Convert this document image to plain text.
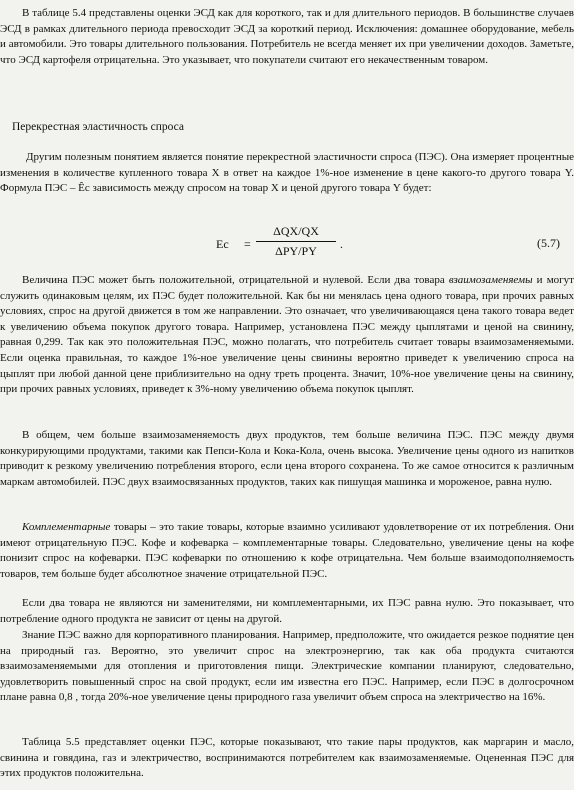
В таблице 5.4 представлены оценки ЭСД как для короткого, так и для длительного периодов. В большинстве случаев ЭСД в рамках длительного периода превосходит ЭСД за короткий период. Исключения: домашнее оборудование, мебель и автомобили. Это товары длительного пользования. Потребитель не всегда меняет их при увеличении доходов. Заметьте, что ЭСД картофеля отрицательна. Это указывает, что покупатели считают его некачественным товаром.

Перекрестная эластичность спроса

Другим полезным понятием является понятие перекрестной эластичности спроса (ПЭС). Она измеряет процентные изменения в количестве купленного товара X в ответ на каждое 1%-ное изменение в цене какого-то другого товара Y. Формула ПЭС – Êc зависимость между спросом на товар X и ценой другого товара Y будет:

Ec =
ΔQX/QX
ΔPY/PY	.	(5.7)

Величина ПЭС может быть положительной, отрицательной и нулевой. Если два товара взаимозаменяемы и могут служить одинаковым целям, их ПЭС будет положительной. Как бы ни менялась цена одного товара, при прочих равных условиях, спрос на другой движется в том же направлении. Это означает, что увеличивающаяся цена такого товара ведет к увеличению объема покупок другого товара. Например, установлена ПЭС между цыплятами и ценой на свинину, равная 0,299. Так как это положительная ПЭС, можно полагать, что потребитель считает товары взаимозаменяемыми. Если оценка правильная, то каждое 1%-ное увеличение цены свинины вероятно приведет к увеличению спроса на цыплят при любой данной цене приблизительно на одну треть процента. Значит, 10%-ное увеличение цены на свинину, при прочих равных условиях, приведет к 3%-ному увеличению объема покупок цыплят.

В общем, чем больше взаимозаменяемость двух продуктов, тем больше величина ПЭС. ПЭС между двумя конкурирующими продуктами, такими как Пепси-Кола и Кока-Кола, очень высока. Увеличение цены одного из напитков приводит к резкому увеличению потребления второго, если цена второго сохранена. То же самое относится к различным маркам автомобилей. ПЭС двух взаимосвязанных продуктов, таких как пишущая машинка и мороженое, равна нулю.

Комплементарные товары – это такие товары, которые взаимно усиливают удовлетворение от их потребления. Они имеют отрицательную ПЭС. Кофе и кофеварка – комплементарные товары. Следовательно, увеличение цены на кофе понизит спрос на кофеварки. ПЭС кофеварки по отношению к кофе отрицательна. Чем больше взаимодополняемость товаров, тем больше будет абсолютное значение отрицательной ПЭС.

Если два товара не являются ни заменителями, ни комплементарными, их ПЭС равна нулю. Это показывает, что потребление одного продукта не зависит от цены на другой.

Знание ПЭС важно для корпоративного планирования. Например, предположите, что ожидается резкое поднятие цен на природный газ. Вероятно, это увеличит спрос на электроэнергию, так как оба продукта считаются взаимозаменяемыми для отопления и приготовления пищи. Электрические компании планируют, следовательно, удовлетворить повышенный спрос на свой продукт, если им известна его ПЭС. Например, если ПЭС в долгосрочном плане равна 0,8 , тогда 20%-ное увеличение цены природного газа увеличит объем спроса на электричество на 16%.

Таблица 5.5 представляет оценки ПЭС, которые показывают, что такие пары продуктов, как маргарин и масло, свинина и говядина, газ и электричество, воспринимаются потребителем как взаимозаменяемые. Оцененная ПЭС для этих продуктов положительна.
